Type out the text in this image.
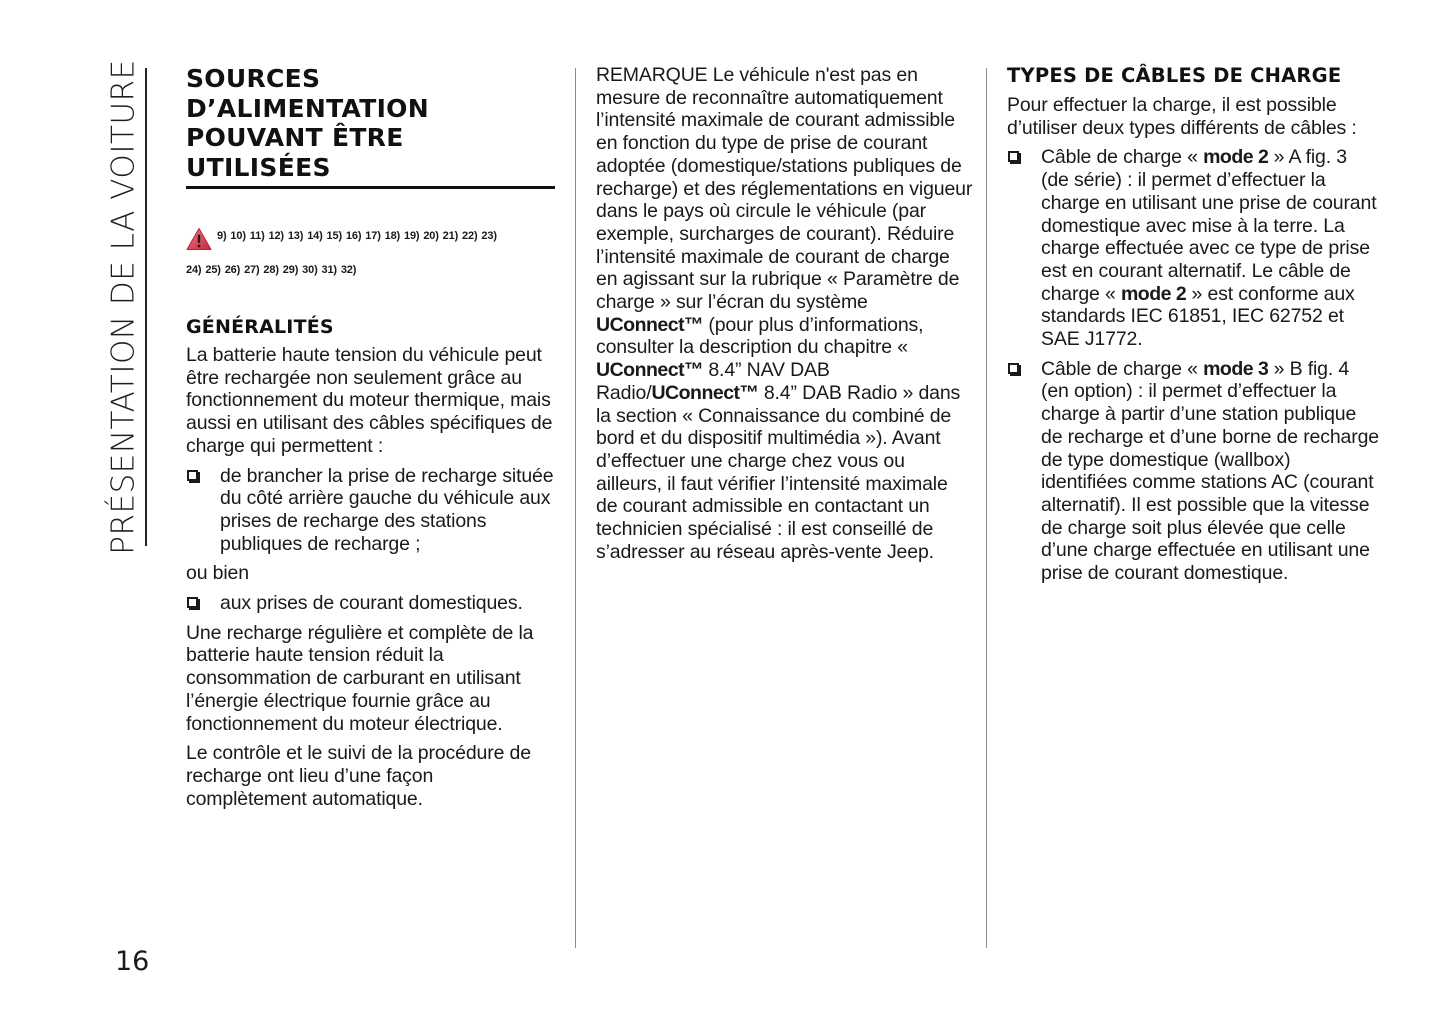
PRÉSENTATION DE LA VOITURE SOURCES
D’ALIMENTATION
POUVANT ÊTRE
UTILISÉES
9) 10) 11) 12) 13) 14) 15) 16) 17) 18) 19) 20) 21) 22) 23)
24) 25) 26) 27) 28) 29) 30) 31) 32)
GÉNÉRALITÉS

La batterie haute tension du véhicule peut être rechargée non seulement grâce au fonctionnement du moteur thermique, mais aussi en utilisant des câbles spécifiques de charge qui permettent :

de brancher la prise de recharge située du côté arrière gauche du véhicule aux prises de recharge des stations publiques de recharge ;

ou bien

aux prises de courant domestiques.

Une recharge régulière et complète de la batterie haute tension réduit la consommation de carburant en utilisant l’énergie électrique fournie grâce au fonctionnement du moteur électrique.

Le contrôle et le suivi de la procédure de recharge ont lieu d’une façon complètement automatique.

REMARQUE Le véhicule n'est pas en mesure de reconnaître automatiquement l’intensité maximale de courant admissible en fonction du type de prise de courant adoptée (domestique/stations publiques de recharge) et des réglementations en vigueur dans le pays où circule le véhicule (par exemple, surcharges de courant). Réduire l’intensité maximale de courant de charge en agissant sur la rubrique « Paramètre de charge » sur l’écran du système UConnect™ (pour plus d’informations, consulter la description du chapitre « UConnect™ 8.4” NAV DAB Radio/UConnect™ 8.4” DAB Radio » dans la section « Connaissance du combiné de bord et du dispositif multimédia »). Avant d’effectuer une charge chez vous ou ailleurs, il faut vérifier l’intensité maximale de courant admissible en contactant un technicien spécialisé : il est conseillé de s’adresser au réseau après-vente Jeep.

TYPES DE CÂBLES DE CHARGE

Pour effectuer la charge, il est possible d’utiliser deux types différents de câbles :

Câble de charge « mode 2 » A fig. 3 (de série) : il permet d’effectuer la charge en utilisant une prise de courant domestique avec mise à la terre. La charge effectuée avec ce type de prise est en courant alternatif. Le câble de charge « mode 2 » est conforme aux standards IEC 61851, IEC 62752 et SAE J1772.
Câble de charge « mode 3 » B fig. 4 (en option) : il permet d’effectuer la charge à partir d’une station publique de recharge et d’une borne de recharge de type domestique (wallbox) identifiées comme stations AC (courant alternatif). Il est possible que la vitesse de charge soit plus élevée que celle d’une charge effectuée en utilisant une prise de courant domestique.
16
